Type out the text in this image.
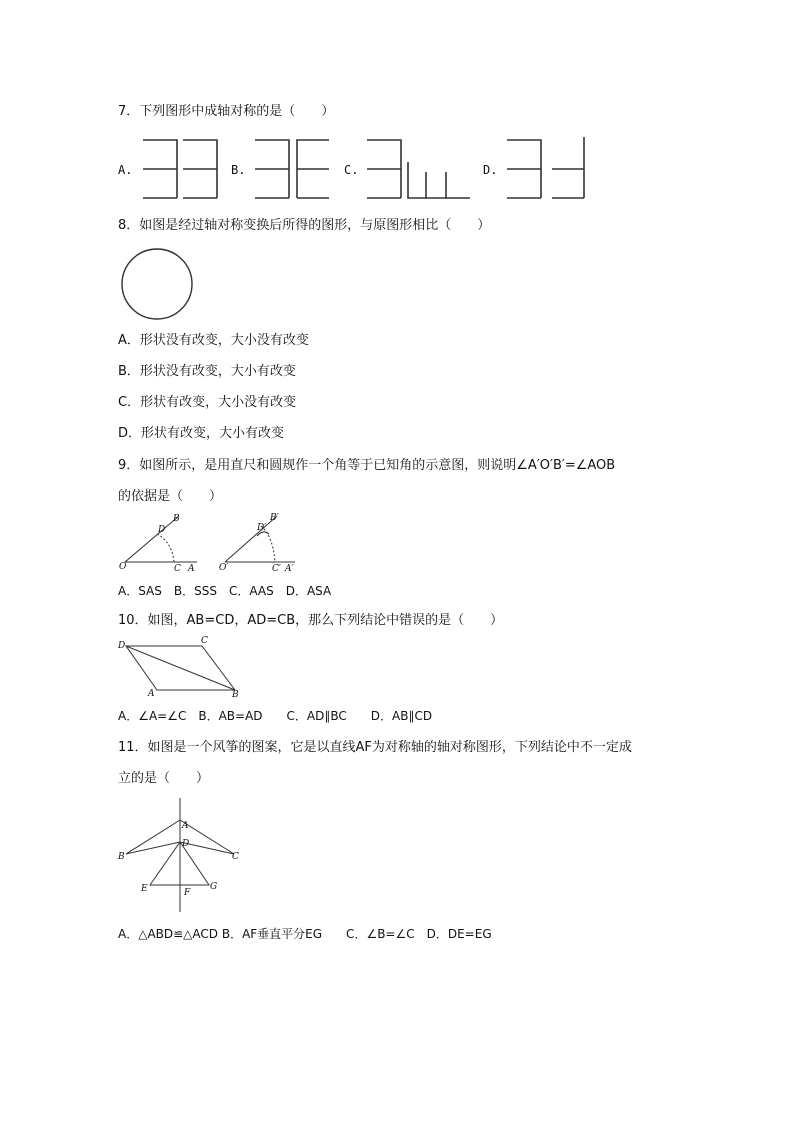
7．下列图形中成轴对称的是（　　）
A.	B.	C.	D.
8．如图是经过轴对称变换后所得的图形，与原图形相比（　　）
A．形状没有改变，大小没有改变
B．形状没有改变，大小有改变
C．形状有改变，大小没有改变
D．形状有改变，大小有改变
9．如图所示，是用直尺和圆规作一个角等于已知角的示意图，则说明∠A′O′B′=∠AOB
的依据是（　　）
B
D
O	C A
B′
D′
O′	C′ A′
A．SAS　B．SSS　C．AAS　D．ASA
10．如图，AB=CD，AD=CB，那么下列结论中错误的是（　　）
D	C
A	B
A．∠A=∠C　B．AB=AD　　C．AD∥BC　　D．AB∥CD
11．如图是一个风筝的图案，它是以直线AF为对称轴的轴对称图形，下列结论中不一定成
立的是（　　）
A
B	C
D
E	F
G
A．△ABD≌△ACD B．AF垂直平分EG　　C．∠B=∠C　D．DE=EG
